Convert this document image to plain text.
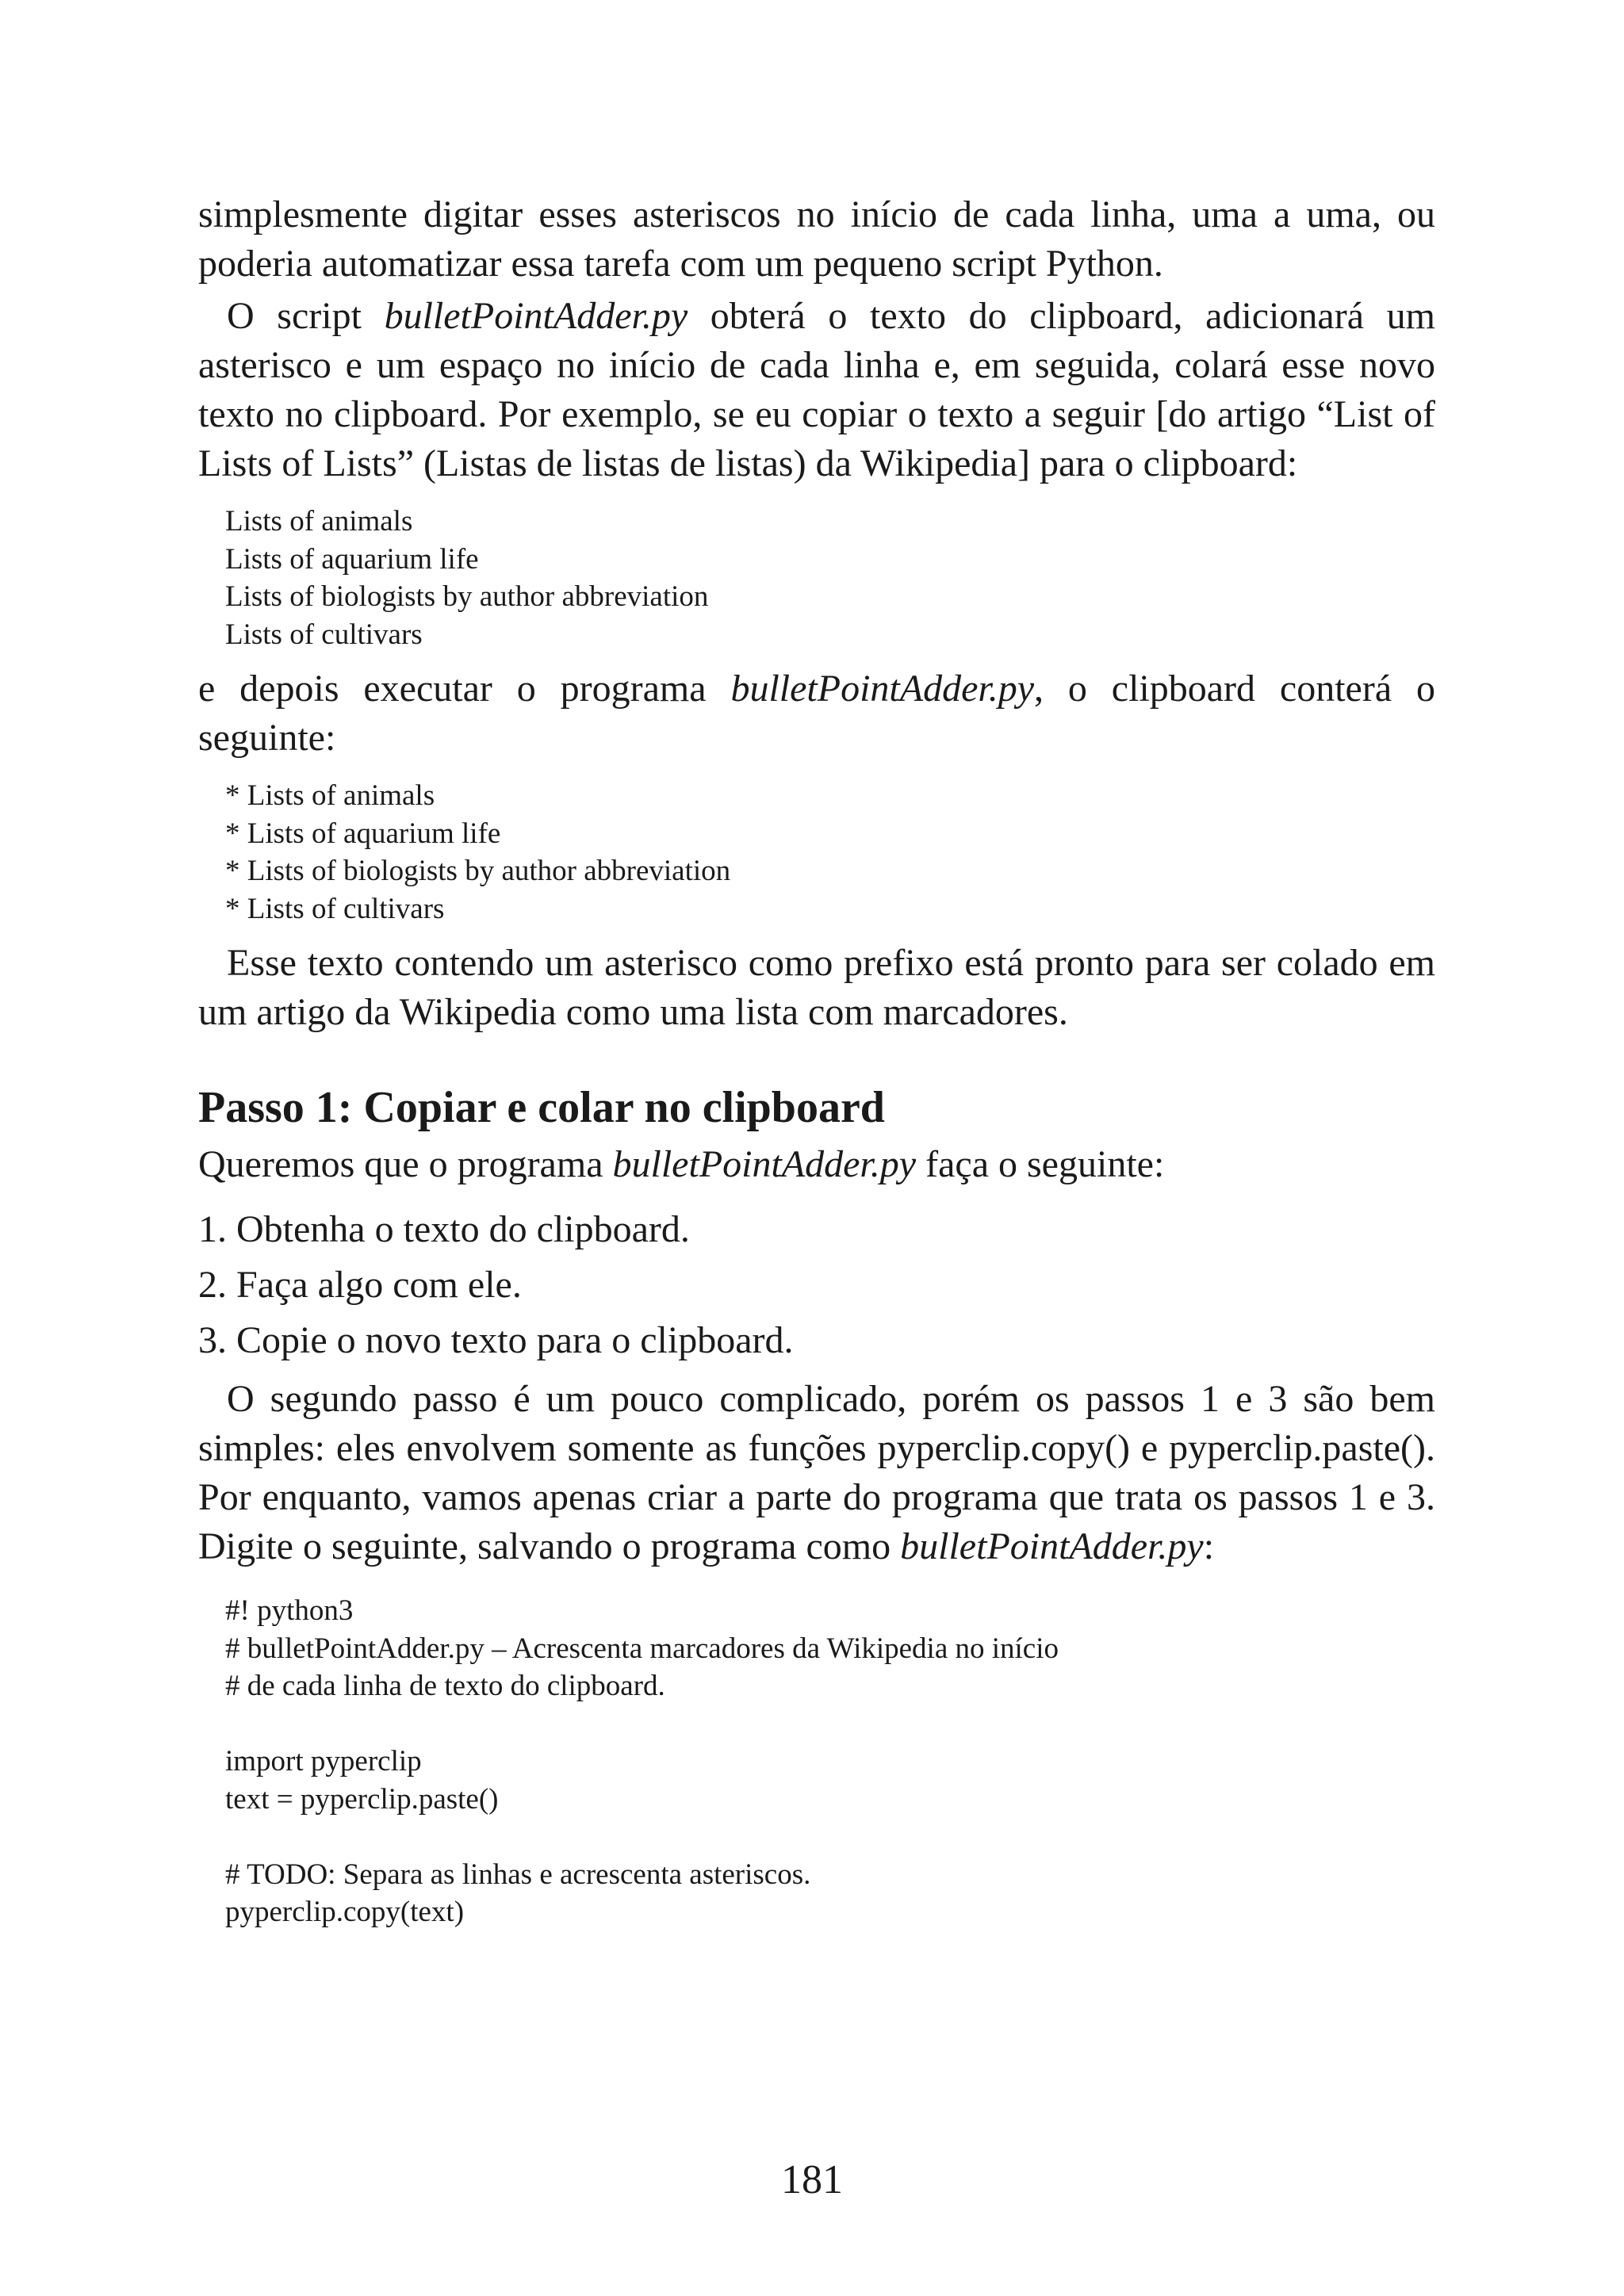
simplesmente digitar esses asteriscos no início de cada linha, uma a uma, ou poderia automatizar essa tarefa com um pequeno script Python.

O script bulletPointAdder.py obterá o texto do clipboard, adicionará um asterisco e um espaço no início de cada linha e, em seguida, colará esse novo texto no clipboard. Por exemplo, se eu copiar o texto a seguir [do artigo “List of Lists of Lists” (Listas de listas de listas) da Wikipedia] para o clipboard:

Lists of animals
Lists of aquarium life
Lists of biologists by author abbreviation
Lists of cultivars

e depois executar o programa bulletPointAdder.py, o clipboard conterá o seguinte:

* Lists of animals
* Lists of aquarium life
* Lists of biologists by author abbreviation
* Lists of cultivars

Esse texto contendo um asterisco como prefixo está pronto para ser colado em um artigo da Wikipedia como uma lista com marcadores.

Passo 1: Copiar e colar no clipboard

Queremos que o programa bulletPointAdder.py faça o seguinte:

1. Obtenha o texto do clipboard.
2. Faça algo com ele.
3. Copie o novo texto para o clipboard.

O segundo passo é um pouco complicado, porém os passos 1 e 3 são bem simples: eles envolvem somente as funções pyperclip.copy() e pyperclip.paste(). Por enquanto, vamos apenas criar a parte do programa que trata os passos 1 e 3. Digite o seguinte, salvando o programa como bulletPointAdder.py:

#! python3
# bulletPointAdder.py – Acrescenta marcadores da Wikipedia no início
# de cada linha de texto do clipboard.
import pyperclip
text = pyperclip.paste()
# TODO: Separa as linhas e acrescenta asteriscos.
pyperclip.copy(text)
181
